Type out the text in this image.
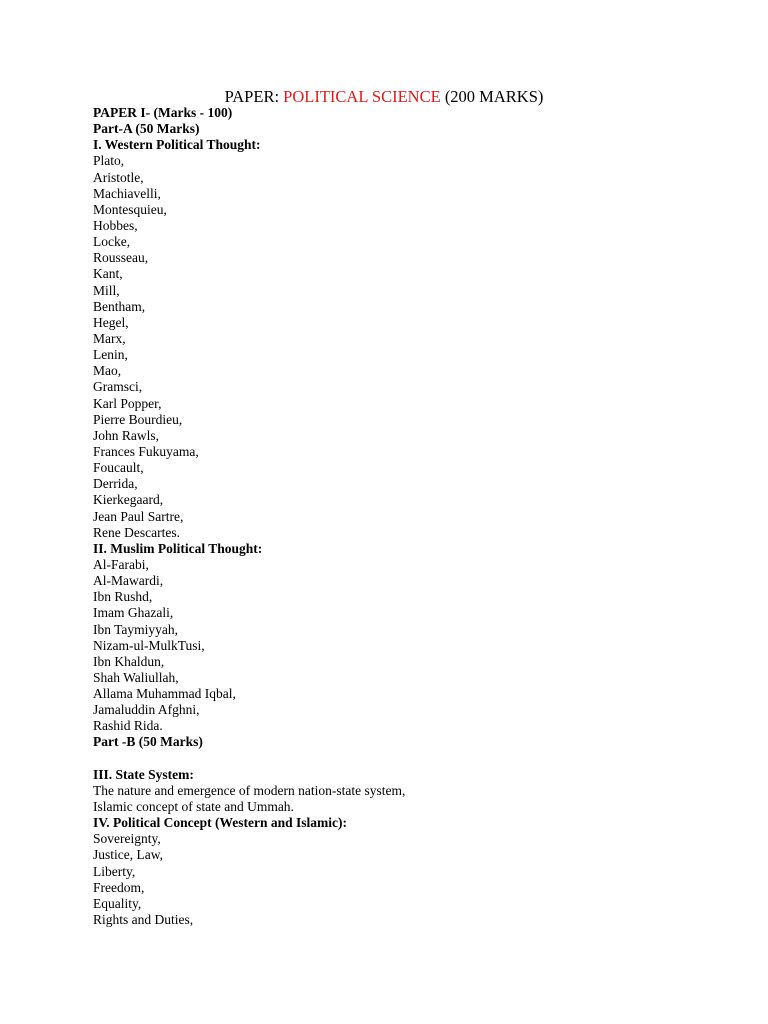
PAPER: POLITICAL SCIENCE (200 MARKS)
PAPER I- (Marks - 100)
Part-A (50 Marks)
I. Western Political Thought:
Plato,
Aristotle,
Machiavelli,
Montesquieu,
Hobbes,
Locke,
Rousseau,
Kant,
Mill,
Bentham,
Hegel,
Marx,
Lenin,
Mao,
Gramsci,
Karl Popper,
Pierre Bourdieu,
John Rawls,
Frances Fukuyama,
Foucault,
Derrida,
Kierkegaard,
Jean Paul Sartre,
Rene Descartes.
II. Muslim Political Thought:
Al-Farabi,
Al-Mawardi,
Ibn Rushd,
Imam Ghazali,
Ibn Taymiyyah,
Nizam-ul-MulkTusi,
Ibn Khaldun,
Shah Waliullah,
Allama Muhammad Iqbal,
Jamaluddin Afghni,
Rashid Rida.
Part -B (50 Marks)
III. State System:
The nature and emergence of modern nation-state system,
Islamic concept of state and Ummah.
IV. Political Concept (Western and Islamic):
Sovereignty,
Justice, Law,
Liberty,
Freedom,
Equality,
Rights and Duties,
